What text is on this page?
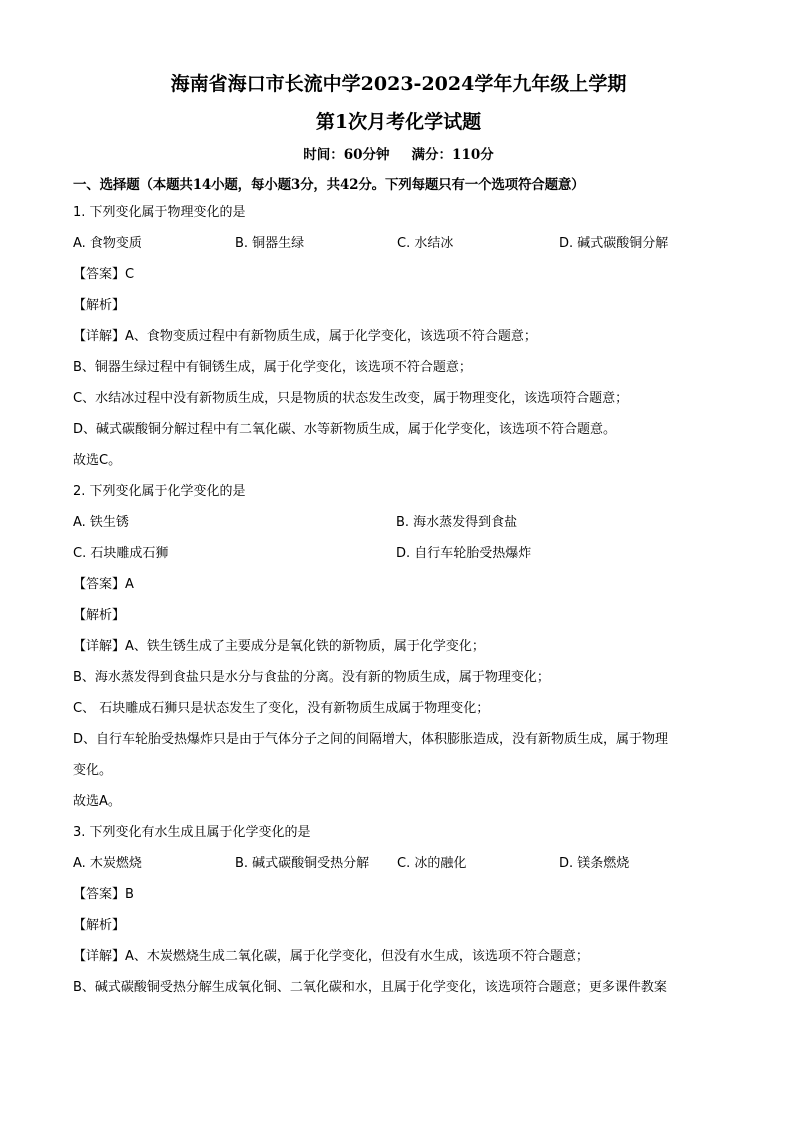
海南省海口市长流中学2023-2024学年九年级上学期
第1次月考化学试题
时间：60分钟 满分：110分
一、选择题（本题共14小题，每小题3分，共42分。下列每题只有一个选项符合题意）
1. 下列变化属于物理变化的是
A. 食物变质	B. 铜器生绿	C. 水结冰	D. 碱式碳酸铜分解
【答案】C
【解析】
【详解】A、食物变质过程中有新物质生成，属于化学变化，该选项不符合题意；
B、铜器生绿过程中有铜锈生成，属于化学变化，该选项不符合题意；
C、水结冰过程中没有新物质生成，只是物质的状态发生改变，属于物理变化，该选项符合题意；
D、碱式碳酸铜分解过程中有二氧化碳、水等新物质生成，属于化学变化，该选项不符合题意。
故选C。
2. 下列变化属于化学变化的是
A. 铁生锈	B. 海水蒸发得到食盐
C. 石块雕成石狮	D. 自行车轮胎受热爆炸
【答案】A
【解析】
【详解】A、铁生锈生成了主要成分是氧化铁的新物质，属于化学变化；
B、海水蒸发得到食盐只是水分与食盐的分离。没有新的物质生成，属于物理变化；
C、 石块雕成石狮只是状态发生了变化，没有新物质生成属于物理变化；
D、自行车轮胎受热爆炸只是由于气体分子之间的间隔增大，体积膨胀造成，没有新物质生成，属于物理
变化。
故选A。
3. 下列变化有水生成且属于化学变化的是
A. 木炭燃烧	B. 碱式碳酸铜受热分解	C. 冰的融化	D. 镁条燃烧
【答案】B
【解析】
【详解】A、木炭燃烧生成二氧化碳，属于化学变化，但没有水生成，该选项不符合题意；
B、碱式碳酸铜受热分解生成氧化铜、二氧化碳和水，且属于化学变化，该选项符合题意；更多课件教案
